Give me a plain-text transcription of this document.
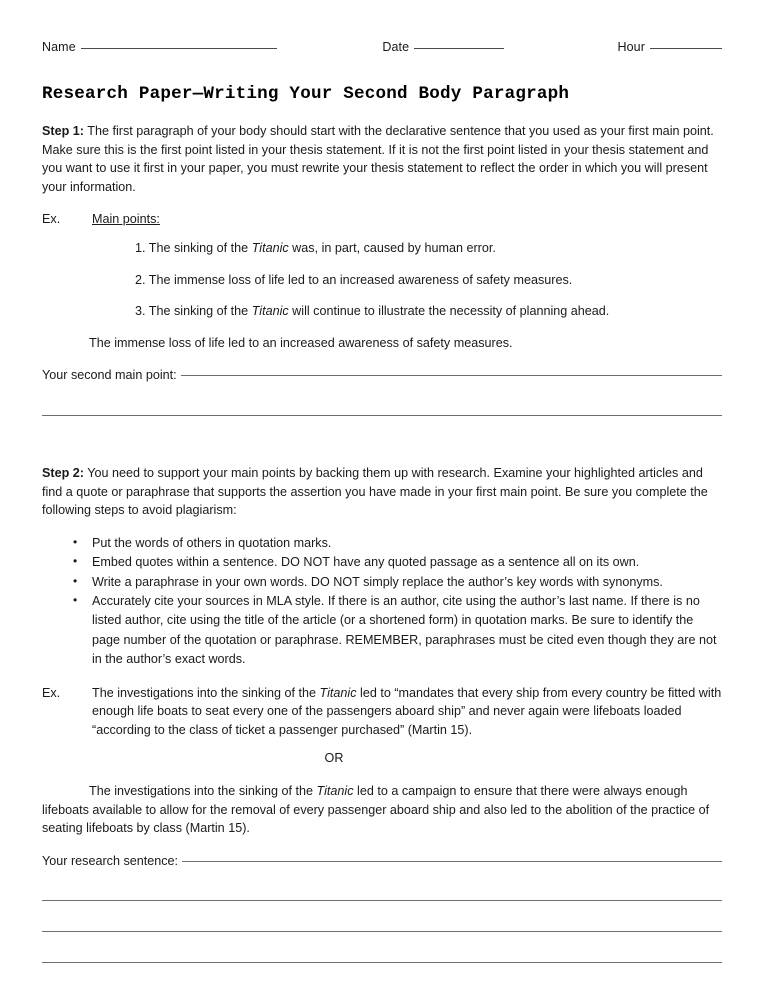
Name	Date	Hour
Research Paper—Writing Your Second Body Paragraph

Step 1: The first paragraph of your body should start with the declarative sentence that you used as your first main point. Make sure this is the first point listed in your thesis statement. If it is not the first point listed in your thesis statement and you want to use it first in your paper, you must rewrite your thesis statement to reflect the order in which you will present your information.

Ex.	Main points:
1. The sinking of the Titanic was, in part, caused by human error.
2. The immense loss of life led to an increased awareness of safety measures.
3. The sinking of the Titanic will continue to illustrate the necessity of planning ahead.
The immense loss of life led to an increased awareness of safety measures.
Your second main point:

Step 2: You need to support your main points by backing them up with research. Examine your highlighted articles and find a quote or paraphrase that supports the assertion you have made in your first main point. Be sure you complete the following steps to avoid plagiarism:

• Put the words of others in quotation marks.
• Embed quotes within a sentence. DO NOT have any quoted passage as a sentence all on its own.
• Write a paraphrase in your own words. DO NOT simply replace the author’s key words with synonyms.
• Accurately cite your sources in MLA style. If there is an author, cite using the author’s last name. If there is no listed author, cite using the title of the article (or a shortened form) in quotation marks. Be sure to identify the page number of the quotation or paraphrase. REMEMBER, paraphrases must be cited even though they are not in the author’s exact words.
Ex.	The investigations into the sinking of the Titanic led to “mandates that every ship from every country be fitted with enough life boats to seat every one of the passengers aboard ship” and never again were lifeboats loaded “according to the class of ticket a passenger purchased” (Martin 15).
OR

The investigations into the sinking of the Titanic led to a campaign to ensure that there were always enough lifeboats available to allow for the removal of every passenger aboard ship and also led to the abolition of the practice of seating lifeboats by class (Martin 15).

Your research sentence:
